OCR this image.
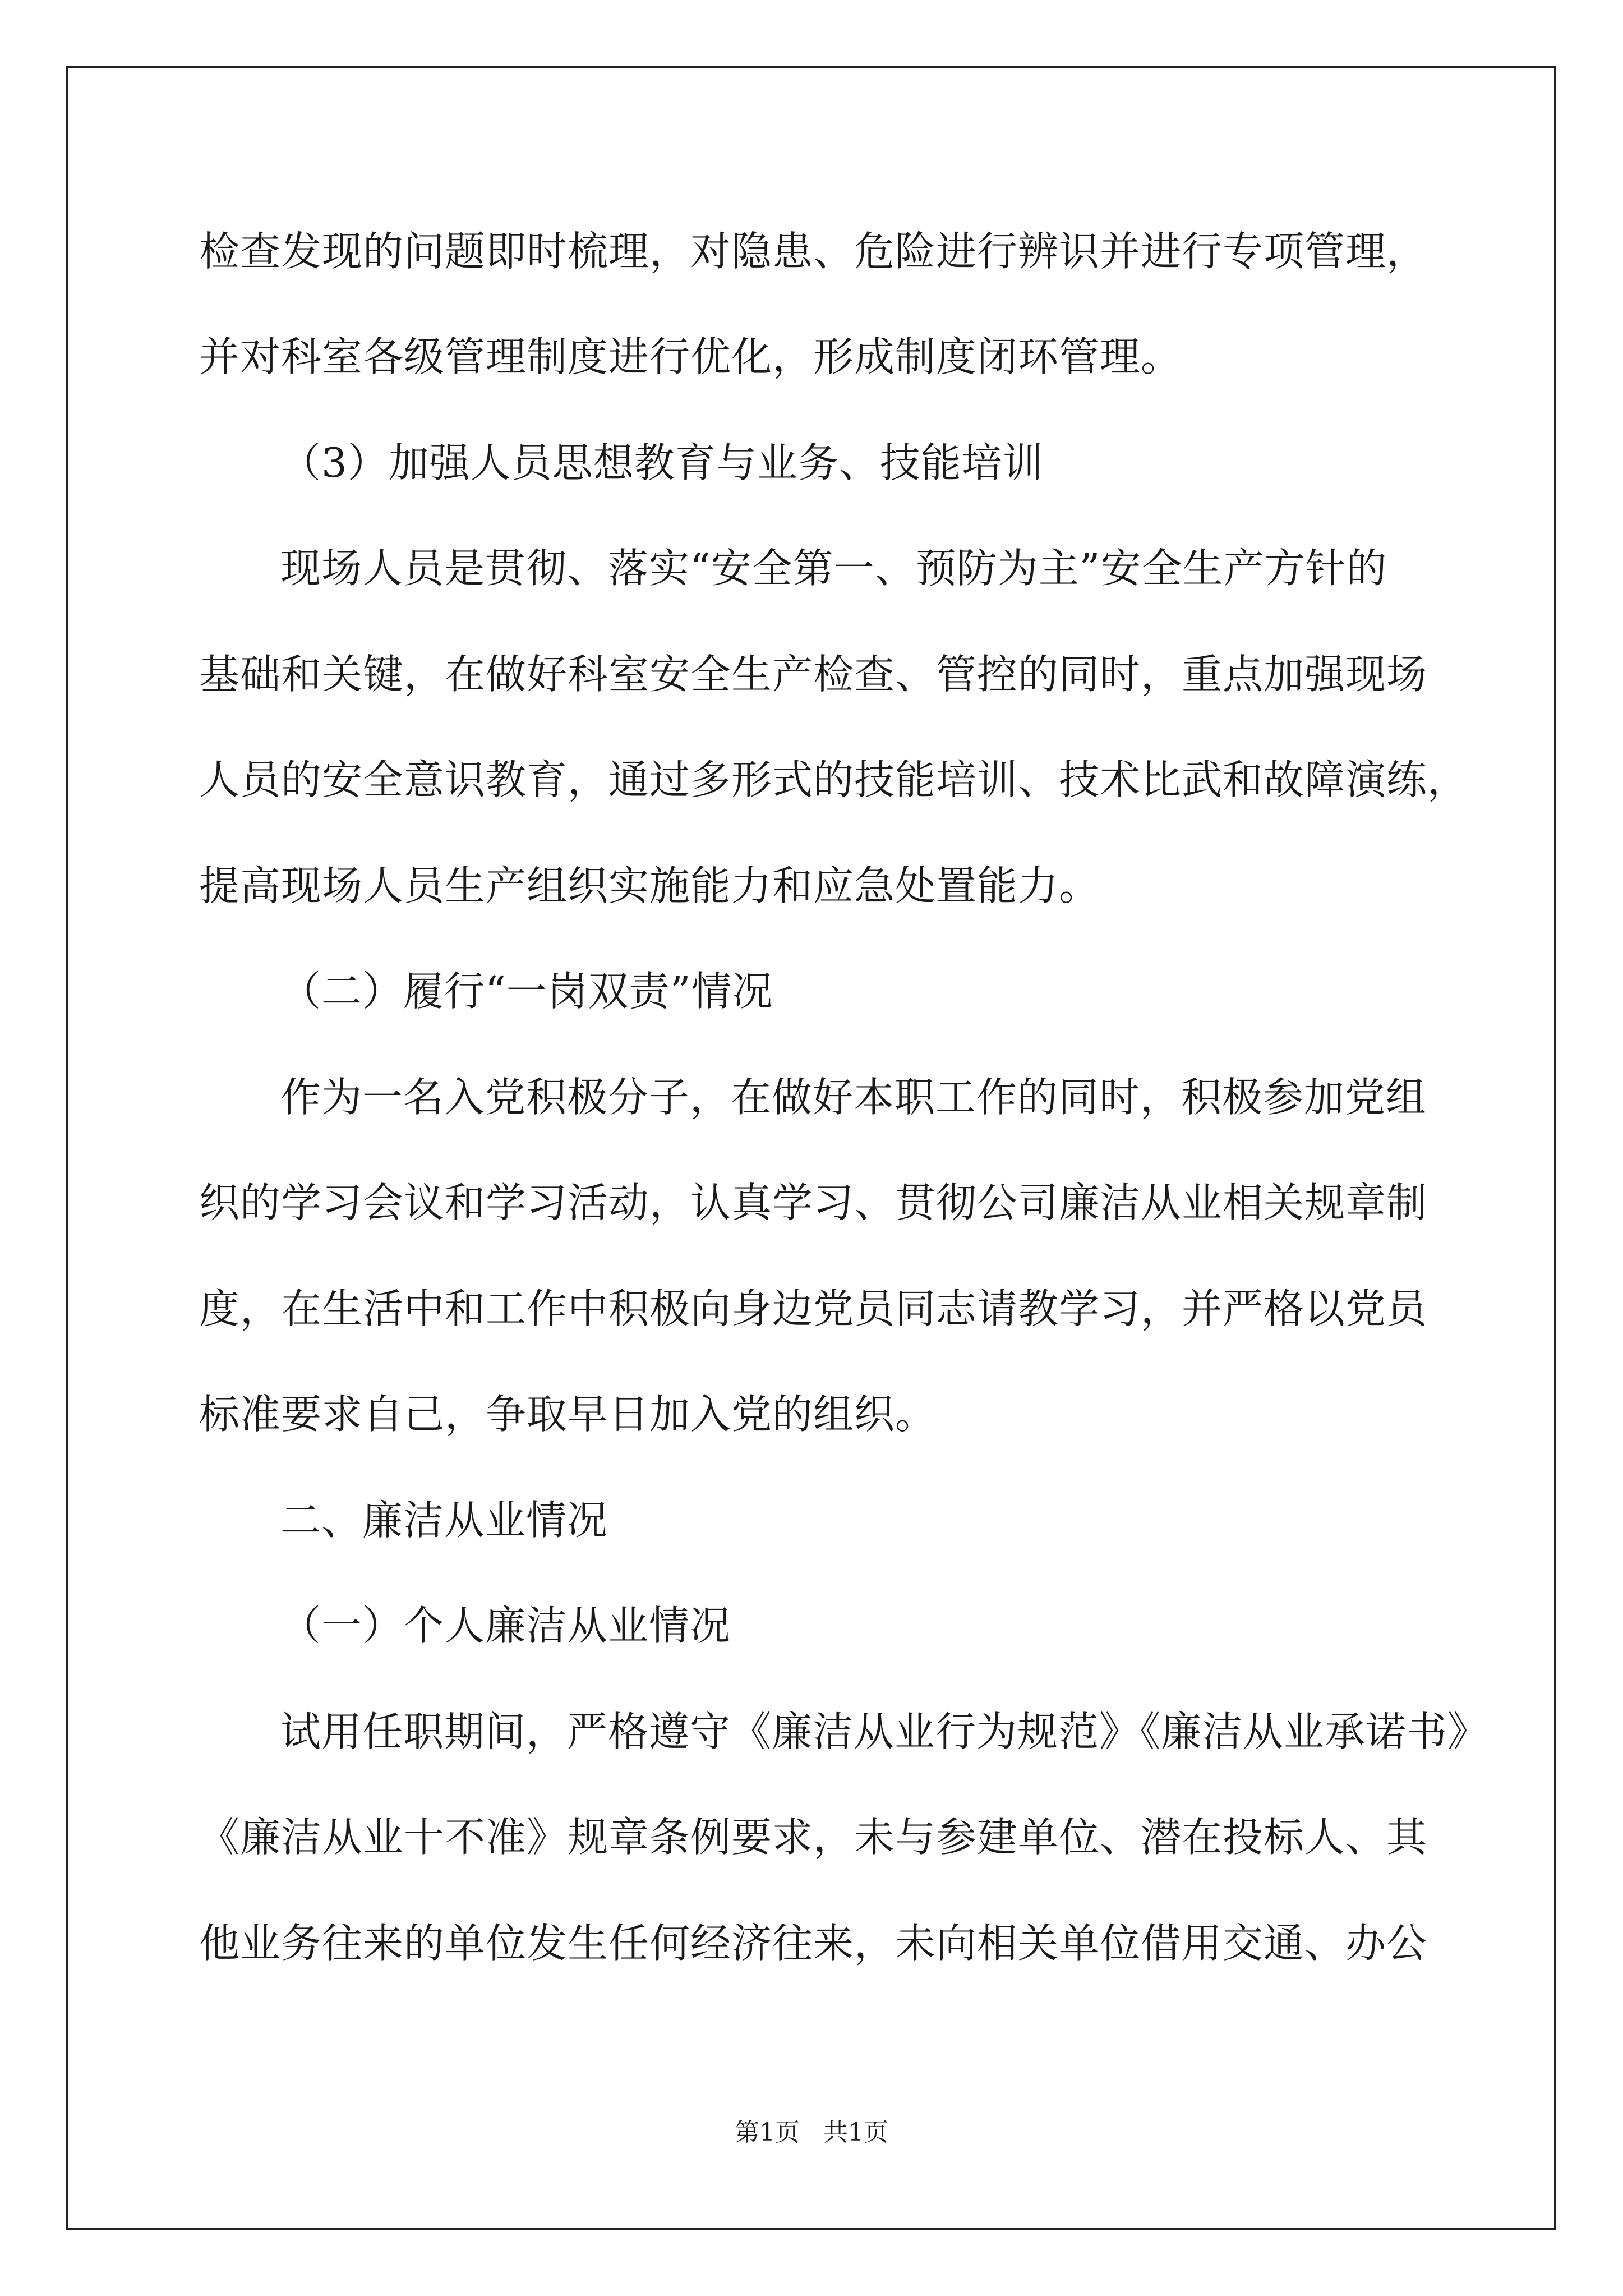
检查发现的问题即时梳理，对隐患、危险进行辨识并进行专项管理，
并对科室各级管理制度进行优化，形成制度闭环管理。
（3）加强人员思想教育与业务、技能培训
现场人员是贯彻、落实“安全第一、预防为主”安全生产方针的
基础和关键，在做好科室安全生产检查、管控的同时，重点加强现场
人员的安全意识教育，通过多形式的技能培训、技术比武和故障演练，
提高现场人员生产组织实施能力和应急处置能力。
（二）履行“一岗双责”情况
作为一名入党积极分子，在做好本职工作的同时，积极参加党组
织的学习会议和学习活动，认真学习、贯彻公司廉洁从业相关规章制
度，在生活中和工作中积极向身边党员同志请教学习，并严格以党员
标准要求自己，争取早日加入党的组织。
二、廉洁从业情况
（一）个人廉洁从业情况
试用任职期间，严格遵守《廉洁从业行为规范》《廉洁从业承诺书》
《廉洁从业十不准》规章条例要求，未与参建单位、潜在投标人、其
他业务往来的单位发生任何经济往来，未向相关单位借用交通、办公
第1页   共1页
